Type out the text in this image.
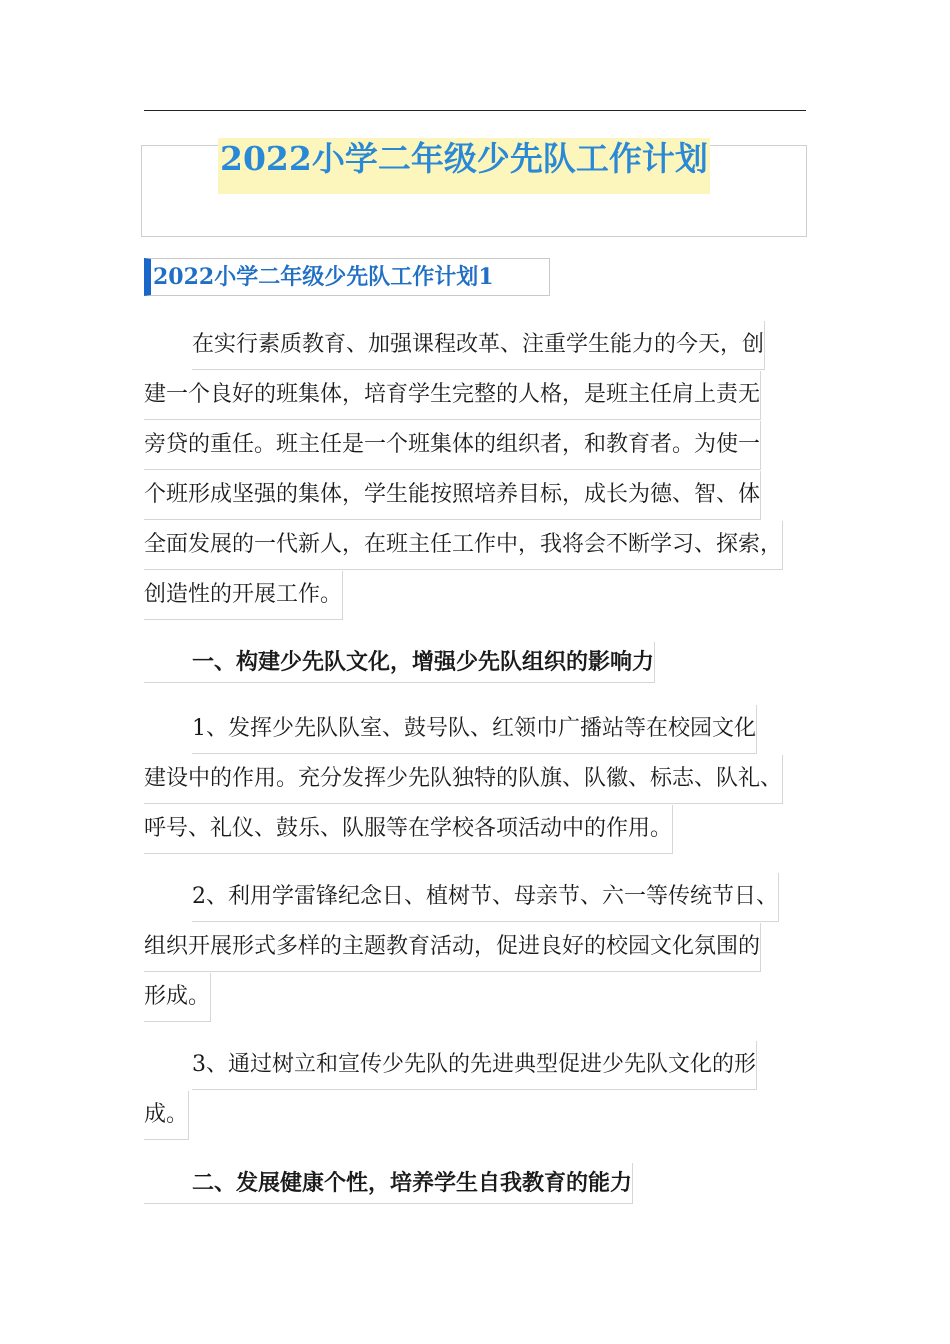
2022小学二年级少先队工作计划
2022小学二年级少先队工作计划1
在实行素质教育、加强课程改革、注重学生能力的今天，创
建一个良好的班集体，培育学生完整的人格，是班主任肩上责无
旁贷的重任。班主任是一个班集体的组织者，和教育者。为使一
个班形成坚强的集体，学生能按照培养目标，成长为德、智、体
全面发展的一代新人，在班主任工作中，我将会不断学习、探索，
创造性的开展工作。
一、构建少先队文化，增强少先队组织的影响力
1、发挥少先队队室、鼓号队、红领巾广播站等在校园文化
建设中的作用。充分发挥少先队独特的队旗、队徽、标志、队礼、
呼号、礼仪、鼓乐、队服等在学校各项活动中的作用。
2、利用学雷锋纪念日、植树节、母亲节、六一等传统节日、
组织开展形式多样的主题教育活动，促进良好的校园文化氛围的
形成。
3、通过树立和宣传少先队的先进典型促进少先队文化的形
成。
二、发展健康个性，培养学生自我教育的能力
